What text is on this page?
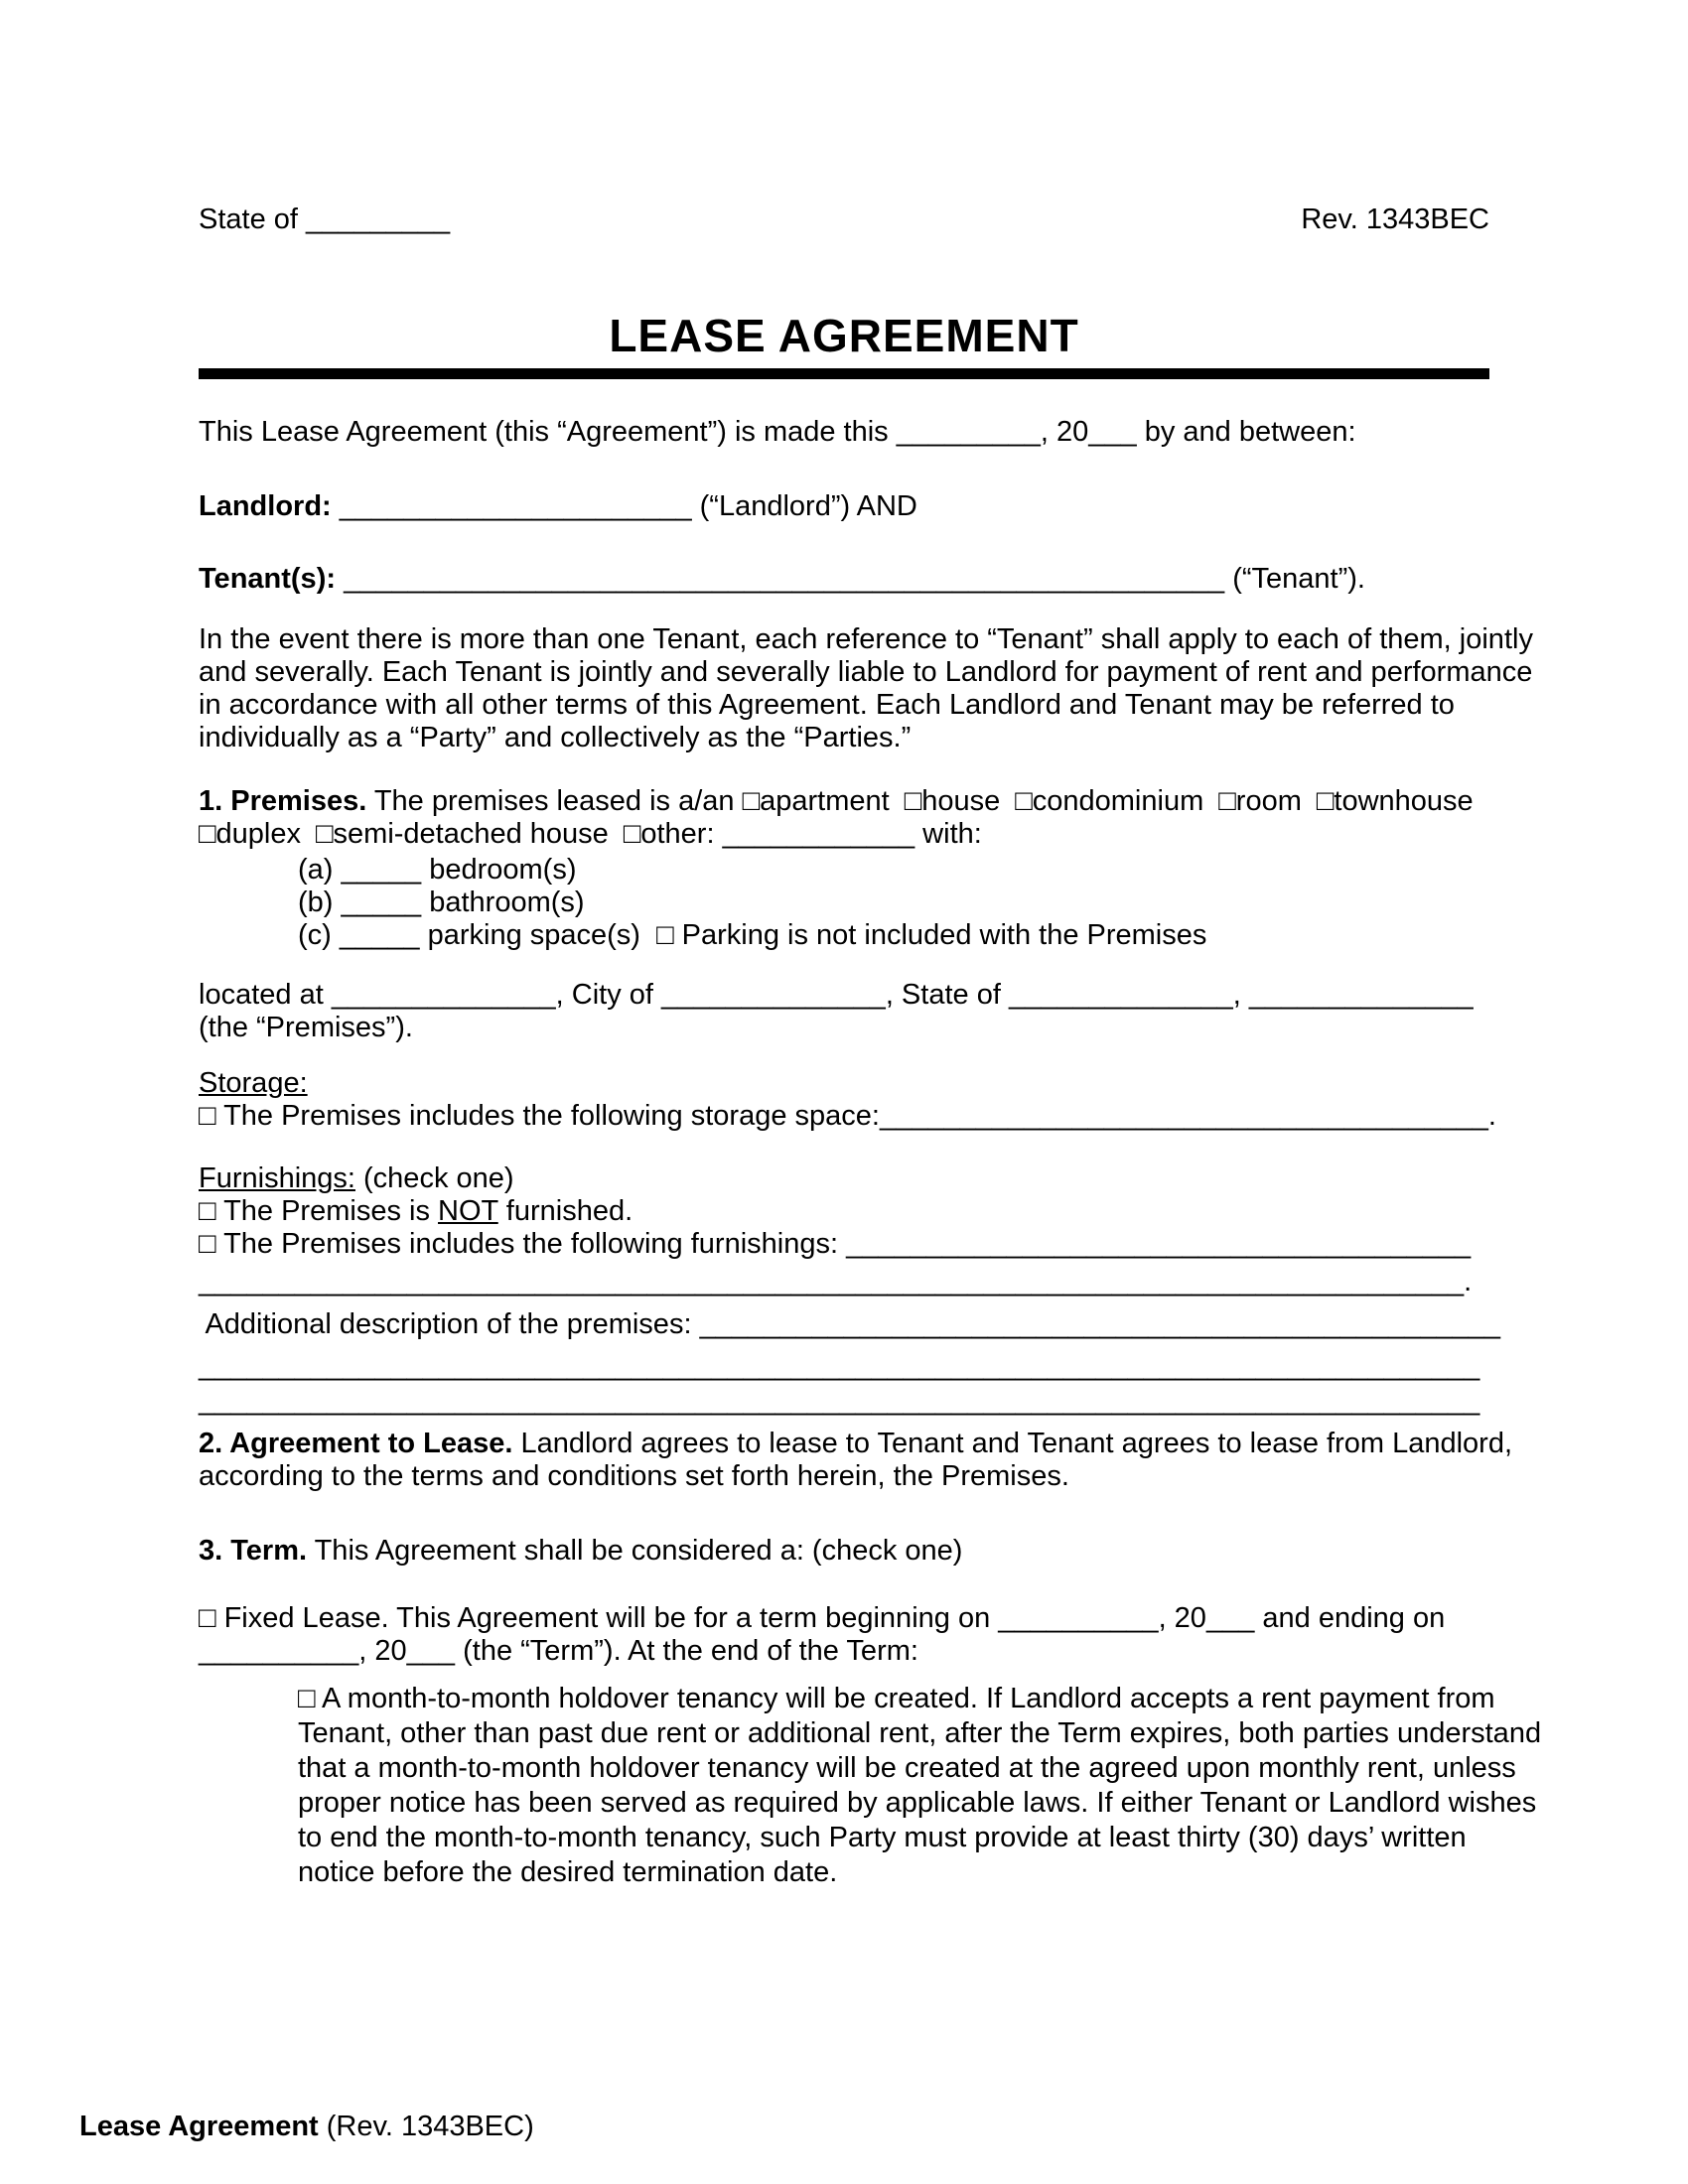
State of _________	Rev. 1343BEC
LEASE AGREEMENT
This Lease Agreement (this “Agreement”) is made this _________, 20___ by and between:
Landlord: ______________________ (“Landlord”) AND
Tenant(s): _______________________________________________________ (“Tenant”).
In the event there is more than one Tenant, each reference to “Tenant” shall apply to each of them, jointly
and severally. Each Tenant is jointly and severally liable to Landlord for payment of rent and performance
in accordance with all other terms of this Agreement. Each Landlord and Tenant may be referred to
individually as a “Party” and collectively as the “Parties.”
1. Premises. The premises leased is a/an □apartment □house □condominium □room □townhouse
□duplex □semi-detached house □other: ____________ with:
(a) _____ bedroom(s)
(b) _____ bathroom(s)
(c) _____ parking space(s)  □ Parking is not included with the Premises
located at ______________, City of ______________, State of ______________, ______________
(the “Premises”).
Storage:
□ The Premises includes the following storage space:______________________________________.
Furnishings: (check one)
□ The Premises is NOT furnished.
□ The Premises includes the following furnishings: _______________________________________
_______________________________________________________________________________.
Additional description of the premises: __________________________________________________
________________________________________________________________________________
________________________________________________________________________________
2. Agreement to Lease. Landlord agrees to lease to Tenant and Tenant agrees to lease from Landlord,
according to the terms and conditions set forth herein, the Premises.
3. Term. This Agreement shall be considered a: (check one)
□ Fixed Lease. This Agreement will be for a term beginning on __________, 20___ and ending on
__________, 20___ (the “Term”). At the end of the Term:
□ A month-to-month holdover tenancy will be created. If Landlord accepts a rent payment from
Tenant, other than past due rent or additional rent, after the Term expires, both parties understand
that a month-to-month holdover tenancy will be created at the agreed upon monthly rent, unless
proper notice has been served as required by applicable laws. If either Tenant or Landlord wishes
to end the month-to-month tenancy, such Party must provide at least thirty (30) days’ written
notice before the desired termination date.
Lease Agreement (Rev. 1343BEC)
